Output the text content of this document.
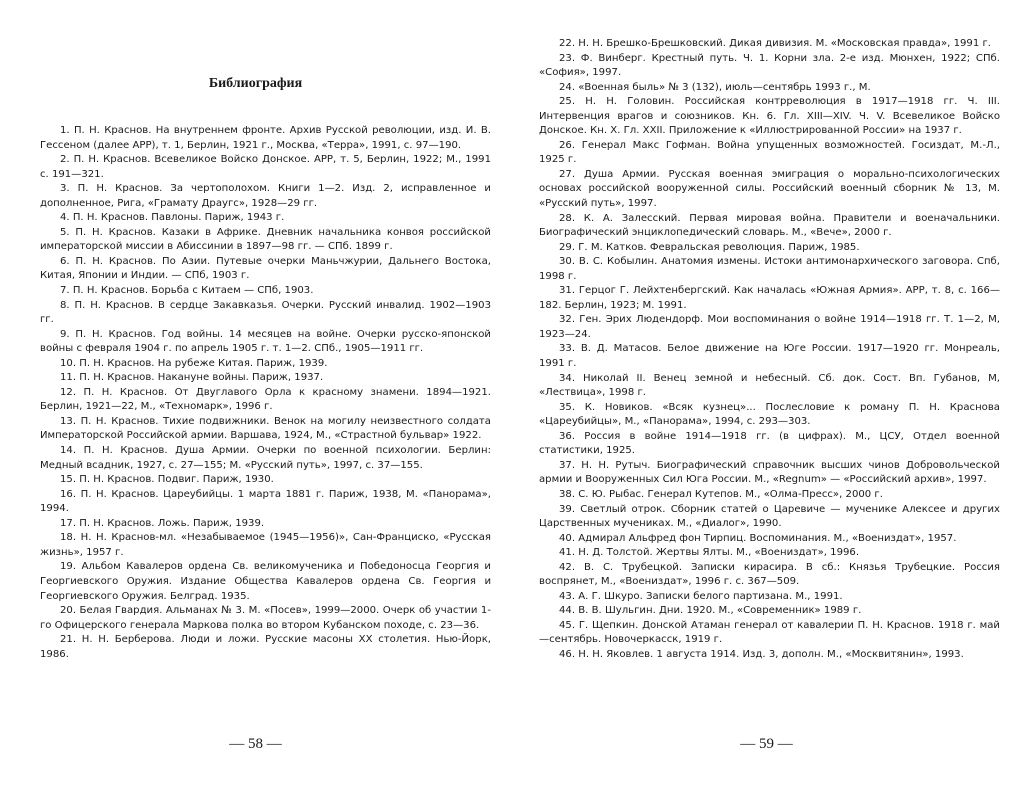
Библиография

1. П. Н. Краснов. На внутреннем фронте. Архив Русской революции, изд. И. В. Гессеном (далее АРР), т. 1, Берлин, 1921 г., Москва, «Терра», 1991, с. 97—190.

2. П. Н. Краснов. Всевеликое Войско Донское. АРР, т. 5, Берлин, 1922; М., 1991 с. 191—321.

3. П. Н. Краснов. За чертополохом. Книги 1—2. Изд. 2, исправленное и дополненное, Рига, «Грамату Драугс», 1928—29 гг.

4. П. Н. Краснов. Павлоны. Париж, 1943 г.

5. П. Н. Краснов. Казаки в Африке. Дневник начальника конвоя российской императорской миссии в Абиссинии в 1897—98 гг. — СПб. 1899 г.

6. П. Н. Краснов. По Азии. Путевые очерки Маньчжурии, Дальнего Востока, Китая, Японии и Индии. — СПб, 1903 г.

7. П. Н. Краснов. Борьба с Китаем — СПб, 1903.

8. П. Н. Краснов. В сердце Закавказья. Очерки. Русский инвалид. 1902—1903 гг.

9. П. Н. Краснов. Год войны. 14 месяцев на войне. Очерки русско-японской войны с февраля 1904 г. по апрель 1905 г. т. 1—2. СПб., 1905—1911 гг.

10. П. Н. Краснов. На рубеже Китая. Париж, 1939.

11. П. Н. Краснов. Накануне войны. Париж, 1937.

12. П. Н. Краснов. От Двуглавого Орла к красному знамени. 1894—1921. Берлин, 1921—22, М., «Техномарк», 1996 г.

13. П. Н. Краснов. Тихие подвижники. Венок на могилу неизвестного солдата Императорской Российской армии. Варшава, 1924, М., «Страстной бульвар» 1922.

14. П. Н. Краснов. Душа Армии. Очерки по военной психологии. Берлин: Медный всадник, 1927, с. 27—155; М. «Русский путь», 1997, с. 37—155.

15. П. Н. Краснов. Подвиг. Париж, 1930.

16. П. Н. Краснов. Цареубийцы. 1 марта 1881 г. Париж, 1938, М. «Панорама», 1994.

17. П. Н. Краснов. Ложь. Париж, 1939.

18. Н. Н. Краснов-мл. «Незабываемое (1945—1956)», Сан-Франциско, «Русская жизнь», 1957 г.

19. Альбом Кавалеров ордена Св. великомученика и Победоносца Георгия и Георгиевского Оружия. Издание Общества Кавалеров ордена Св. Георгия и Георгиевского Оружия. Белград. 1935.

20. Белая Гвардия. Альманах № 3. М. «Посев», 1999—2000. Очерк об участии 1-го Офицерского генерала Маркова полка во втором Кубанском походе, с. 23—36.

21. Н. Н. Берберова. Люди и ложи. Русские масоны XX столетия. Нью-Йорк, 1986.

— 58 —

22. Н. Н. Брешко-Брешковский. Дикая дивизия. М. «Московская правда», 1991 г.

23. Ф. Винберг. Крестный путь. Ч. 1. Корни зла. 2-е изд. Мюнхен, 1922; СПб. «София», 1997.

24. «Военная быль» № 3 (132), июль—сентябрь 1993 г., М.

25. Н. Н. Головин. Российская контрреволюция в 1917—1918 гг. Ч. III. Интервенция врагов и союзников. Кн. 6. Гл. XIII—XIV. Ч. V. Всевеликое Войско Донское. Кн. X. Гл. XXII. Приложение к «Иллюстрированной России» на 1937 г.

26. Генерал Макс Гофман. Война упущенных возможностей. Госиздат, М.-Л., 1925 г.

27. Душа Армии. Русская военная эмиграция о морально-психологических основах российской вооруженной силы. Российский военный сборник № 13, М. «Русский путь», 1997.

28. К. А. Залесский. Первая мировая война. Правители и военачальники. Биографический энциклопедический словарь. М., «Вече», 2000 г.

29. Г. М. Катков. Февральская революция. Париж, 1985.

30. В. С. Кобылин. Анатомия измены. Истоки антимонархического заговора. Спб, 1998 г.

31. Герцог Г. Лейхтенбергский. Как началась «Южная Армия». АРР, т. 8, с. 166—182. Берлин, 1923; М. 1991.

32. Ген. Эрих Людендорф. Мои воспоминания о войне 1914—1918 гг. Т. 1—2, М, 1923—24.

33. В. Д. Матасов. Белое движение на Юге России. 1917—1920 гг. Монреаль, 1991 г.

34. Николай II. Венец земной и небесный. Сб. док. Сост. Вп. Губанов, М, «Лествица», 1998 г.

35. К. Новиков. «Всяк кузнец»... Послесловие к роману П. Н. Краснова «Цареубийцы», М., «Панорама», 1994, с. 293—303.

36. Россия в войне 1914—1918 гг. (в цифрах). М., ЦСУ, Отдел военной статистики, 1925.

37. Н. Н. Рутыч. Биографический справочник высших чинов Добровольческой армии и Вооруженных Сил Юга России. М., «Regnum» — «Российский архив», 1997.

38. С. Ю. Рыбас. Генерал Кутепов. М., «Олма-Пресс», 2000 г.

39. Светлый отрок. Сборник статей о Царевиче — мученике Алексее и других Царственных мучениках. М., «Диалог», 1990.

40. Адмирал Альфред фон Тирпиц. Воспоминания. М., «Воениздат», 1957.

41. Н. Д. Толстой. Жертвы Ялты. М., «Воениздат», 1996.

42. В. С. Трубецкой. Записки кирасира. В сб.: Князья Трубецкие. Россия воспрянет, М., «Воениздат», 1996 г. с. 367—509.

43. А. Г. Шкуро. Записки белого партизана. М., 1991.

44. В. В. Шульгин. Дни. 1920. М., «Современник» 1989 г.

45. Г. Щепкин. Донской Атаман генерал от кавалерии П. Н. Краснов. 1918 г. май—сентябрь. Новочеркасск, 1919 г.

46. Н. Н. Яковлев. 1 августа 1914. Изд. 3, дополн. М., «Москвитянин», 1993.

— 59 —
